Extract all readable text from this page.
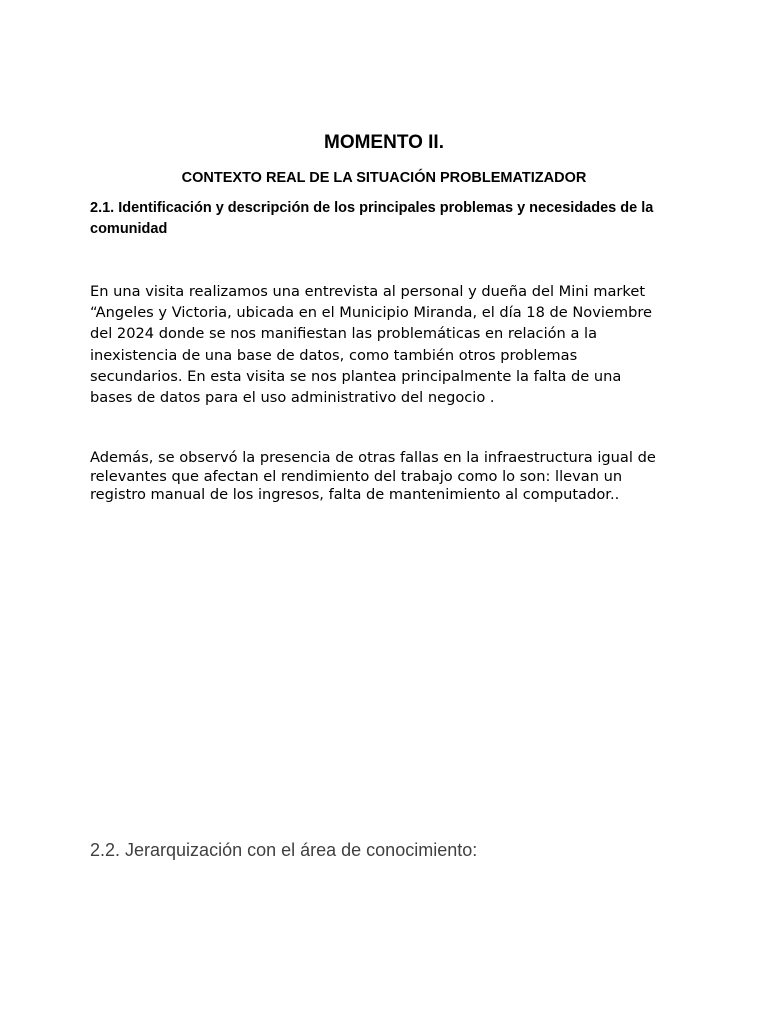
MOMENTO II.
CONTEXTO REAL DE LA SITUACIÓN PROBLEMATIZADOR
2.1. Identificación y descripción de los principales problemas y necesidades de la
comunidad
En una visita realizamos una entrevista al personal y dueña del Mini market
“Angeles y Victoria, ubicada en el Municipio Miranda, el día 18 de Noviembre
del 2024 donde se nos manifiestan las problemáticas en relación a la
inexistencia de una base de datos, como también otros problemas
secundarios. En esta visita se nos plantea principalmente la falta de una
bases de datos para el uso administrativo del negocio .
Además, se observó la presencia de otras fallas en la infraestructura igual de
relevantes que afectan el rendimiento del trabajo como lo son: llevan un
registro manual de los ingresos, falta de mantenimiento al computador..
2.2. Jerarquización con el área de conocimiento:
